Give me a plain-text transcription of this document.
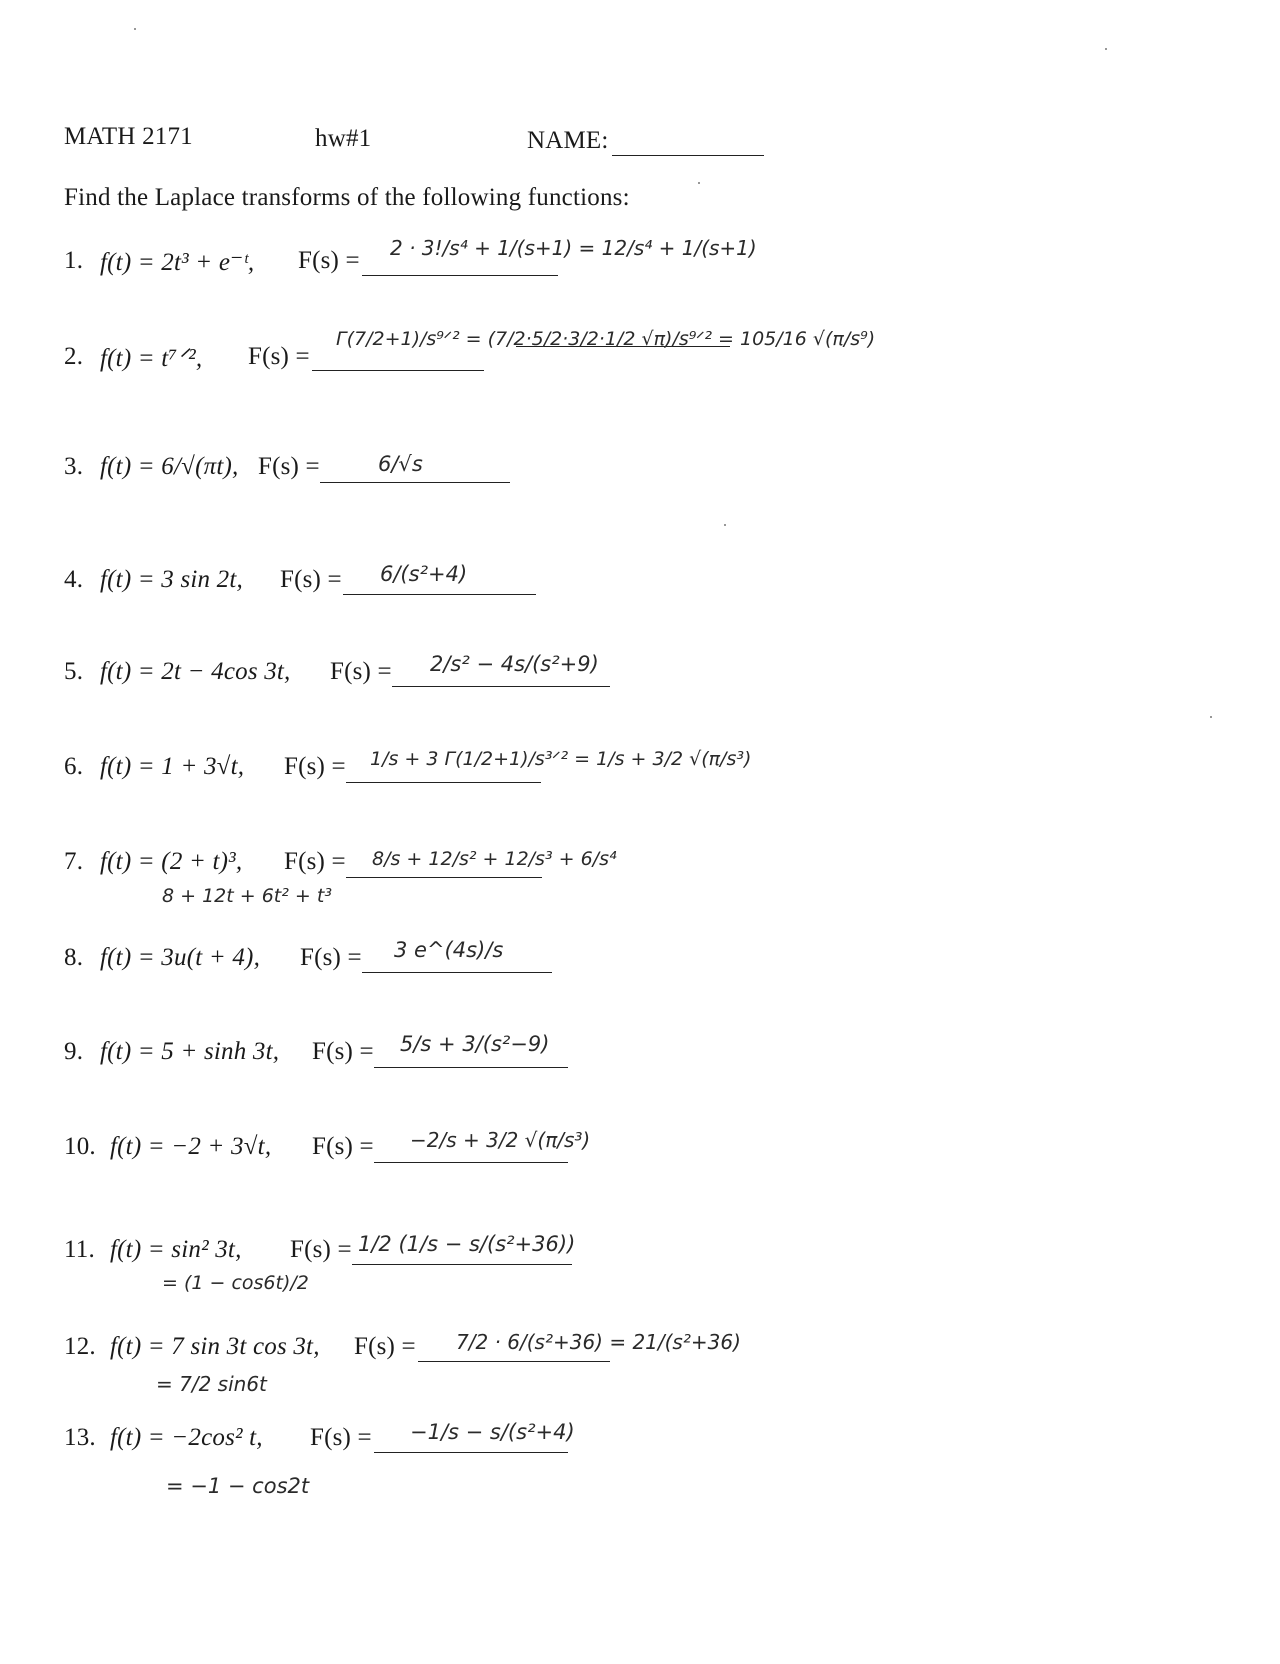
MATH 2171	hw#1	NAME:
Find the Laplace transforms of the following functions:
1. f(t) = 2t³ + e⁻ᵗ, F(s) = 2 · 3!/s⁴ + 1/(s+1) = 12/s⁴ + 1/(s+1)
2. f(t) = t⁷ᐟ², F(s) =
Γ(7/2+1)/s⁹ᐟ² = (7/2·5/2·3/2·1/2 √π)/s⁹ᐟ² = 105/16 √(π/s⁹)
3. f(t) = 6/√(πt), F(s) =	6/√s
4. f(t) = 3 sin 2t, F(s) = 6/(s²+4)
5. f(t) = 2t − 4cos 3t, F(s) = 2/s² − 4s/(s²+9)
6. f(t) = 1 + 3√t, F(s) = 1/s + 3 Γ(1/2+1)/s³ᐟ² = 1/s + 3/2 √(π/s³)
7. f(t) = (2 + t)³, F(s) = 8/s + 12/s² + 12/s³ + 6/s⁴
8 + 12t + 6t² + t³
8. f(t) = 3u(t + 4), F(s) = 3 e^(4s)/s
9. f(t) = 5 + sinh 3t, F(s) = 5/s + 3/(s²−9)
10. f(t) = −2 + 3√t, F(s) = −2/s + 3/2 √(π/s³)
11. f(t) = sin² 3t, F(s) = 1/2 (1/s − s/(s²+36))
= (1 − cos6t)/2
12. f(t) = 7 sin 3t cos 3t, F(s) = 7/2 · 6/(s²+36) = 21/(s²+36)
= 7/2 sin6t
13. f(t) = −2cos² t, F(s) = −1/s − s/(s²+4)
= −1 − cos2t
